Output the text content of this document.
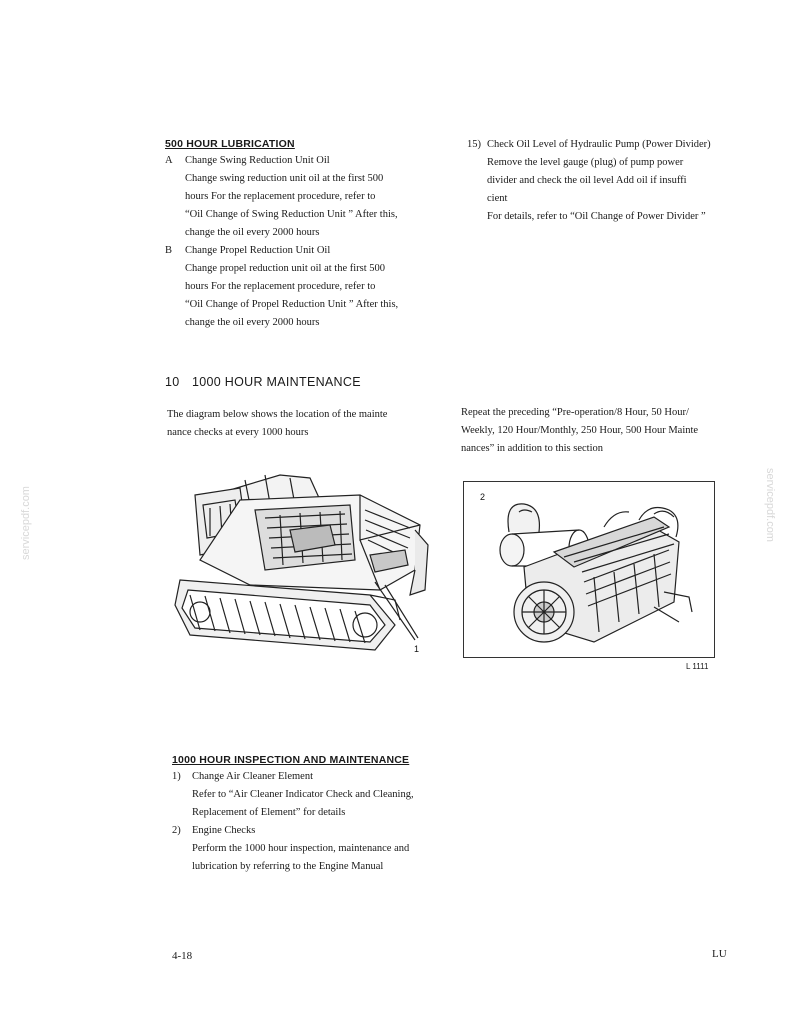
servicepdf.com	servicepdf.com
500 HOUR LUBRICATION
A	Change Swing Reduction Unit Oil
Change swing reduction unit oil at the first 500
hours For the replacement procedure, refer to
“Oil Change of Swing Reduction Unit ” After this,
change the oil every 2000 hours
B	Change Propel Reduction Unit Oil
Change propel reduction unit oil at the first 500
hours For the replacement procedure, refer to
“Oil Change of Propel Reduction Unit ” After this,
change the oil every 2000 hours
15) Check Oil Level of Hydraulic Pump (Power Divider)
Remove the level gauge (plug) of pump power
divider and check the oil level Add oil if insuffi
cient
For details, refer to “Oil Change of Power Divider ”
10 1000 HOUR MAINTENANCE
The diagram below shows the location of the mainte
nance checks at every 1000 hours
Repeat the preceding “Pre-operation/8 Hour, 50 Hour/
Weekly, 120 Hour/Monthly, 250 Hour, 500 Hour Mainte
nances” in addition to this section
1
2
L 1111
1000 HOUR INSPECTION AND MAINTENANCE
1)	Change Air Cleaner Element
Refer to “Air Cleaner Indicator Check and Cleaning,
Replacement of Element” for details
2)	Engine Checks
Perform the 1000 hour inspection, maintenance and
lubrication by referring to the Engine Manual
4-18	LU
